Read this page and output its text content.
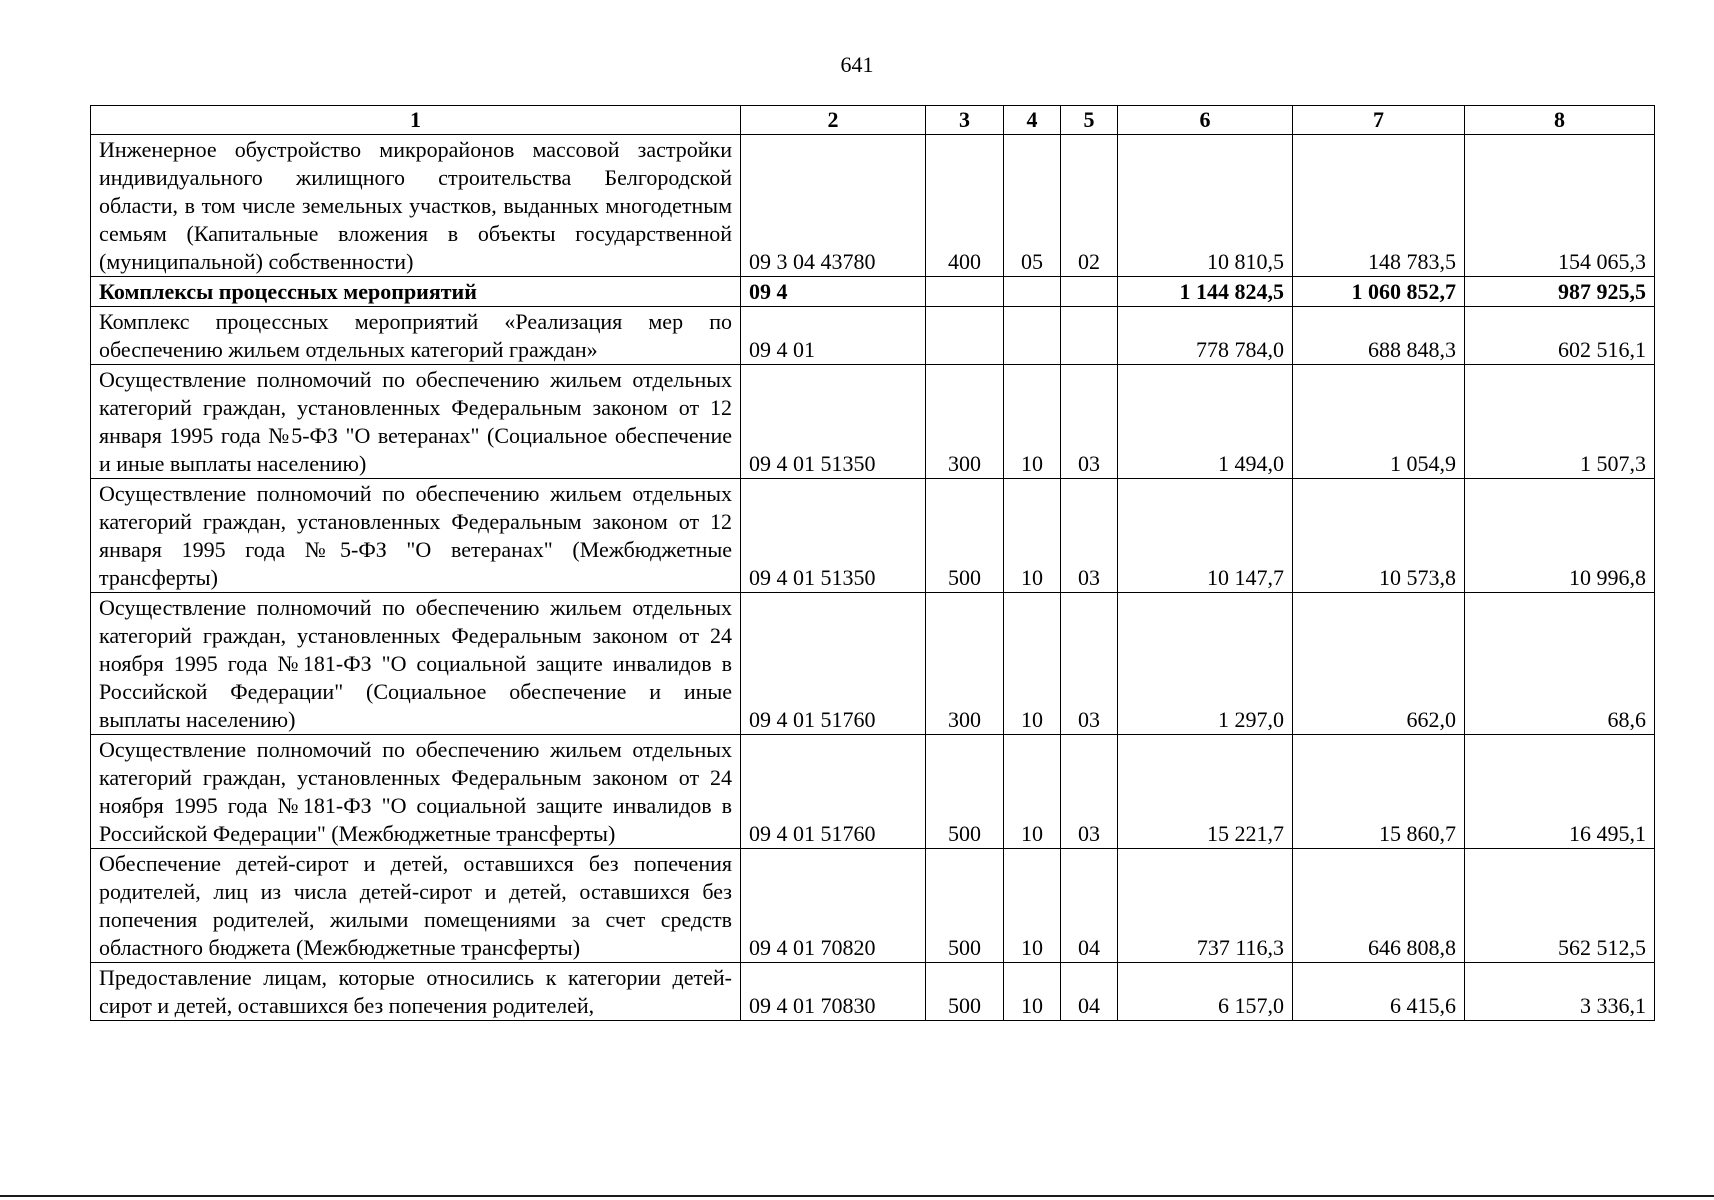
641
1	2	3	4	5	6	7	8
Инженерное обустройство микрорайонов массовой застройки индивидуального жилищного строительства Белгородской области, в том числе земельных участков, выданных многодетным семьям (Капитальные вложения в объекты государственной (муниципальной) собственности)	09 3 04 43780	400	05	02	10 810,5	148 783,5	154 065,3
Комплексы процессных мероприятий	09 4				1 144 824,5	1 060 852,7	987 925,5
Комплекс процессных мероприятий «Реализация мер по обеспечению жильем отдельных категорий граждан»	09 4 01				778 784,0	688 848,3	602 516,1
Осуществление полномочий по обеспечению жильем отдельных категорий граждан, установленных Федеральным законом от 12 января 1995 года №5-ФЗ "О ветеранах" (Социальное обеспечение и иные выплаты населению)	09 4 01 51350	300	10	03	1 494,0	1 054,9	1 507,3
Осуществление полномочий по обеспечению жильем отдельных категорий граждан, установленных Федеральным законом от 12 января 1995 года №5-ФЗ "О ветеранах" (Межбюджетные трансферты)	09 4 01 51350	500	10	03	10 147,7	10 573,8	10 996,8
Осуществление полномочий по обеспечению жильем отдельных категорий граждан, установленных Федеральным законом от 24 ноября 1995 года №181-ФЗ "О социальной защите инвалидов в Российской Федерации" (Социальное обеспечение и иные выплаты населению)	09 4 01 51760	300	10	03	1 297,0	662,0	68,6
Осуществление полномочий по обеспечению жильем отдельных категорий граждан, установленных Федеральным законом от 24 ноября 1995 года №181-ФЗ "О социальной защите инвалидов в Российской Федерации" (Межбюджетные трансферты)	09 4 01 51760	500	10	03	15 221,7	15 860,7	16 495,1
Обеспечение детей-сирот и детей, оставшихся без попечения родителей, лиц из числа детей-сирот и детей, оставшихся без попечения родителей, жилыми помещениями за счет средств областного бюджета (Межбюджетные трансферты)	09 4 01 70820	500	10	04	737 116,3	646 808,8	562 512,5
Предоставление лицам, которые относились к категории детей-сирот и детей, оставшихся без попечения родителей,	09 4 01 70830	500	10	04	6 157,0	6 415,6	3 336,1
